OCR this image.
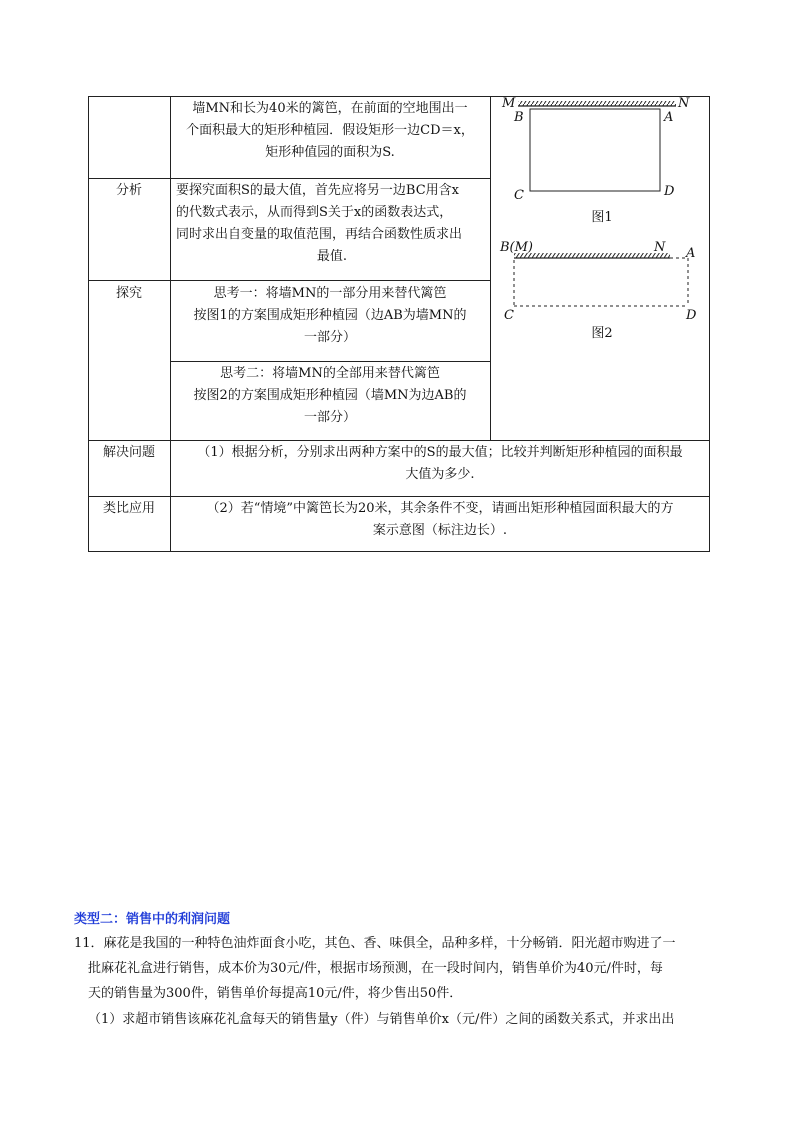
墙MN和长为40米的篱笆，在前面的空地围出一
个面积最大的矩形种植园．假设矩形一边CD＝x，
矩形种值园的面积为S.
分析	要探究面积S的最大值，首先应将另一边BC用含x
的代数式表示，从而得到S关于x的函数表达式，
同时求出自变量的取值范围，再结合函数性质求出
最值.
探究	思考一：将墙MN的一部分用来替代篱笆
按图1的方案围成矩形种植园（边AB为墙MN的
一部分）
思考二：将墙MN的全部用来替代篱笆
按图2的方案围成矩形种植园（墙MN为边AB的
一部分）
解决问题	（1）根据分析，分别求出两种方案中的S的最大值；比较并判断矩形种植园的面积最
大值为多少.
类比应用	（2）若“情境”中篱笆长为20米，其余条件不变，请画出矩形种植园面积最大的方
案示意图（标注边长）.
M	N
B	A
C	D
图1
B(M)	N A
C	D
图2
类型二：销售中的利润问题
11．麻花是我国的一种特色油炸面食小吃，其色、香、味俱全，品种多样，十分畅销．阳光超市购进了一
批麻花礼盒进行销售，成本价为30元/件，根据市场预测，在一段时间内，销售单价为40元/件时，每
天的销售量为300件，销售单价每提高10元/件，将少售出50件．
（1）求超市销售该麻花礼盒每天的销售量y（件）与销售单价x（元/件）之间的函数关系式，并求出出
